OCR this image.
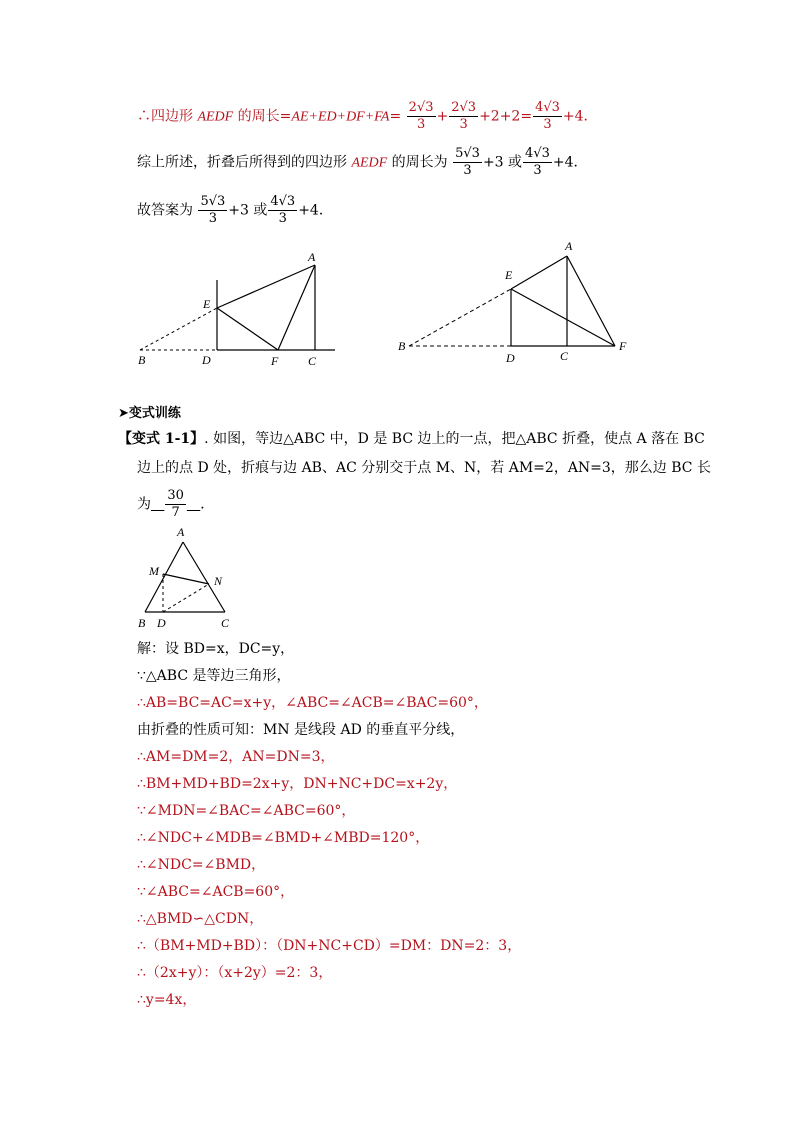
∴四边形 AEDF 的周长$=AE+ED+DF+FA= \frac{2√3}{3} + \frac{2√3}{3} +2+2= \frac{4√3}{3} +4$．
综上所述，折叠后所得到的四边形 AEDF 的周长为 $\frac{5√3}{3} +3$ 或 $\frac{4√3}{3} +4$．
故答案为 $\frac{5√3}{3} +3$ 或 $\frac{4√3}{3} +4$．
A
E
B	D	F C
A
E
B
D	C
F
➤变式训练
【变式 1-1】. 如图，等边△ABC 中，D 是 BC 边上的一点，把△ABC 折叠，使点 A 落在 BC
边上的点 D 处，折痕与边 AB、AC 分别交于点 M、N，若 AM=2，AN=3，那么边 BC 长
为 $\frac{30}{7}$ ．
A
M
N
B D	C
解：设 BD=x，DC=y，
∵△ABC 是等边三角形，
∴AB=BC=AC=x+y，∠ABC=∠ACB=∠BAC=60°，
由折叠的性质可知：MN 是线段 AD 的垂直平分线，
∴AM=DM=2，AN=DN=3，
∴BM+MD+BD=2x+y，DN+NC+DC=x+2y，
∵∠MDN=∠BAC=∠ABC=60°，
∴∠NDC+∠MDB=∠BMD+∠MBD=120°，
∴∠NDC=∠BMD，
∵∠ABC=∠ACB=60°，
∴△BMD∽△CDN，
∴（BM+MD+BD）：（DN+NC+CD）=DM：DN=2：3，
∴（2x+y）：（x+2y）=2：3，
∴y=4x，
